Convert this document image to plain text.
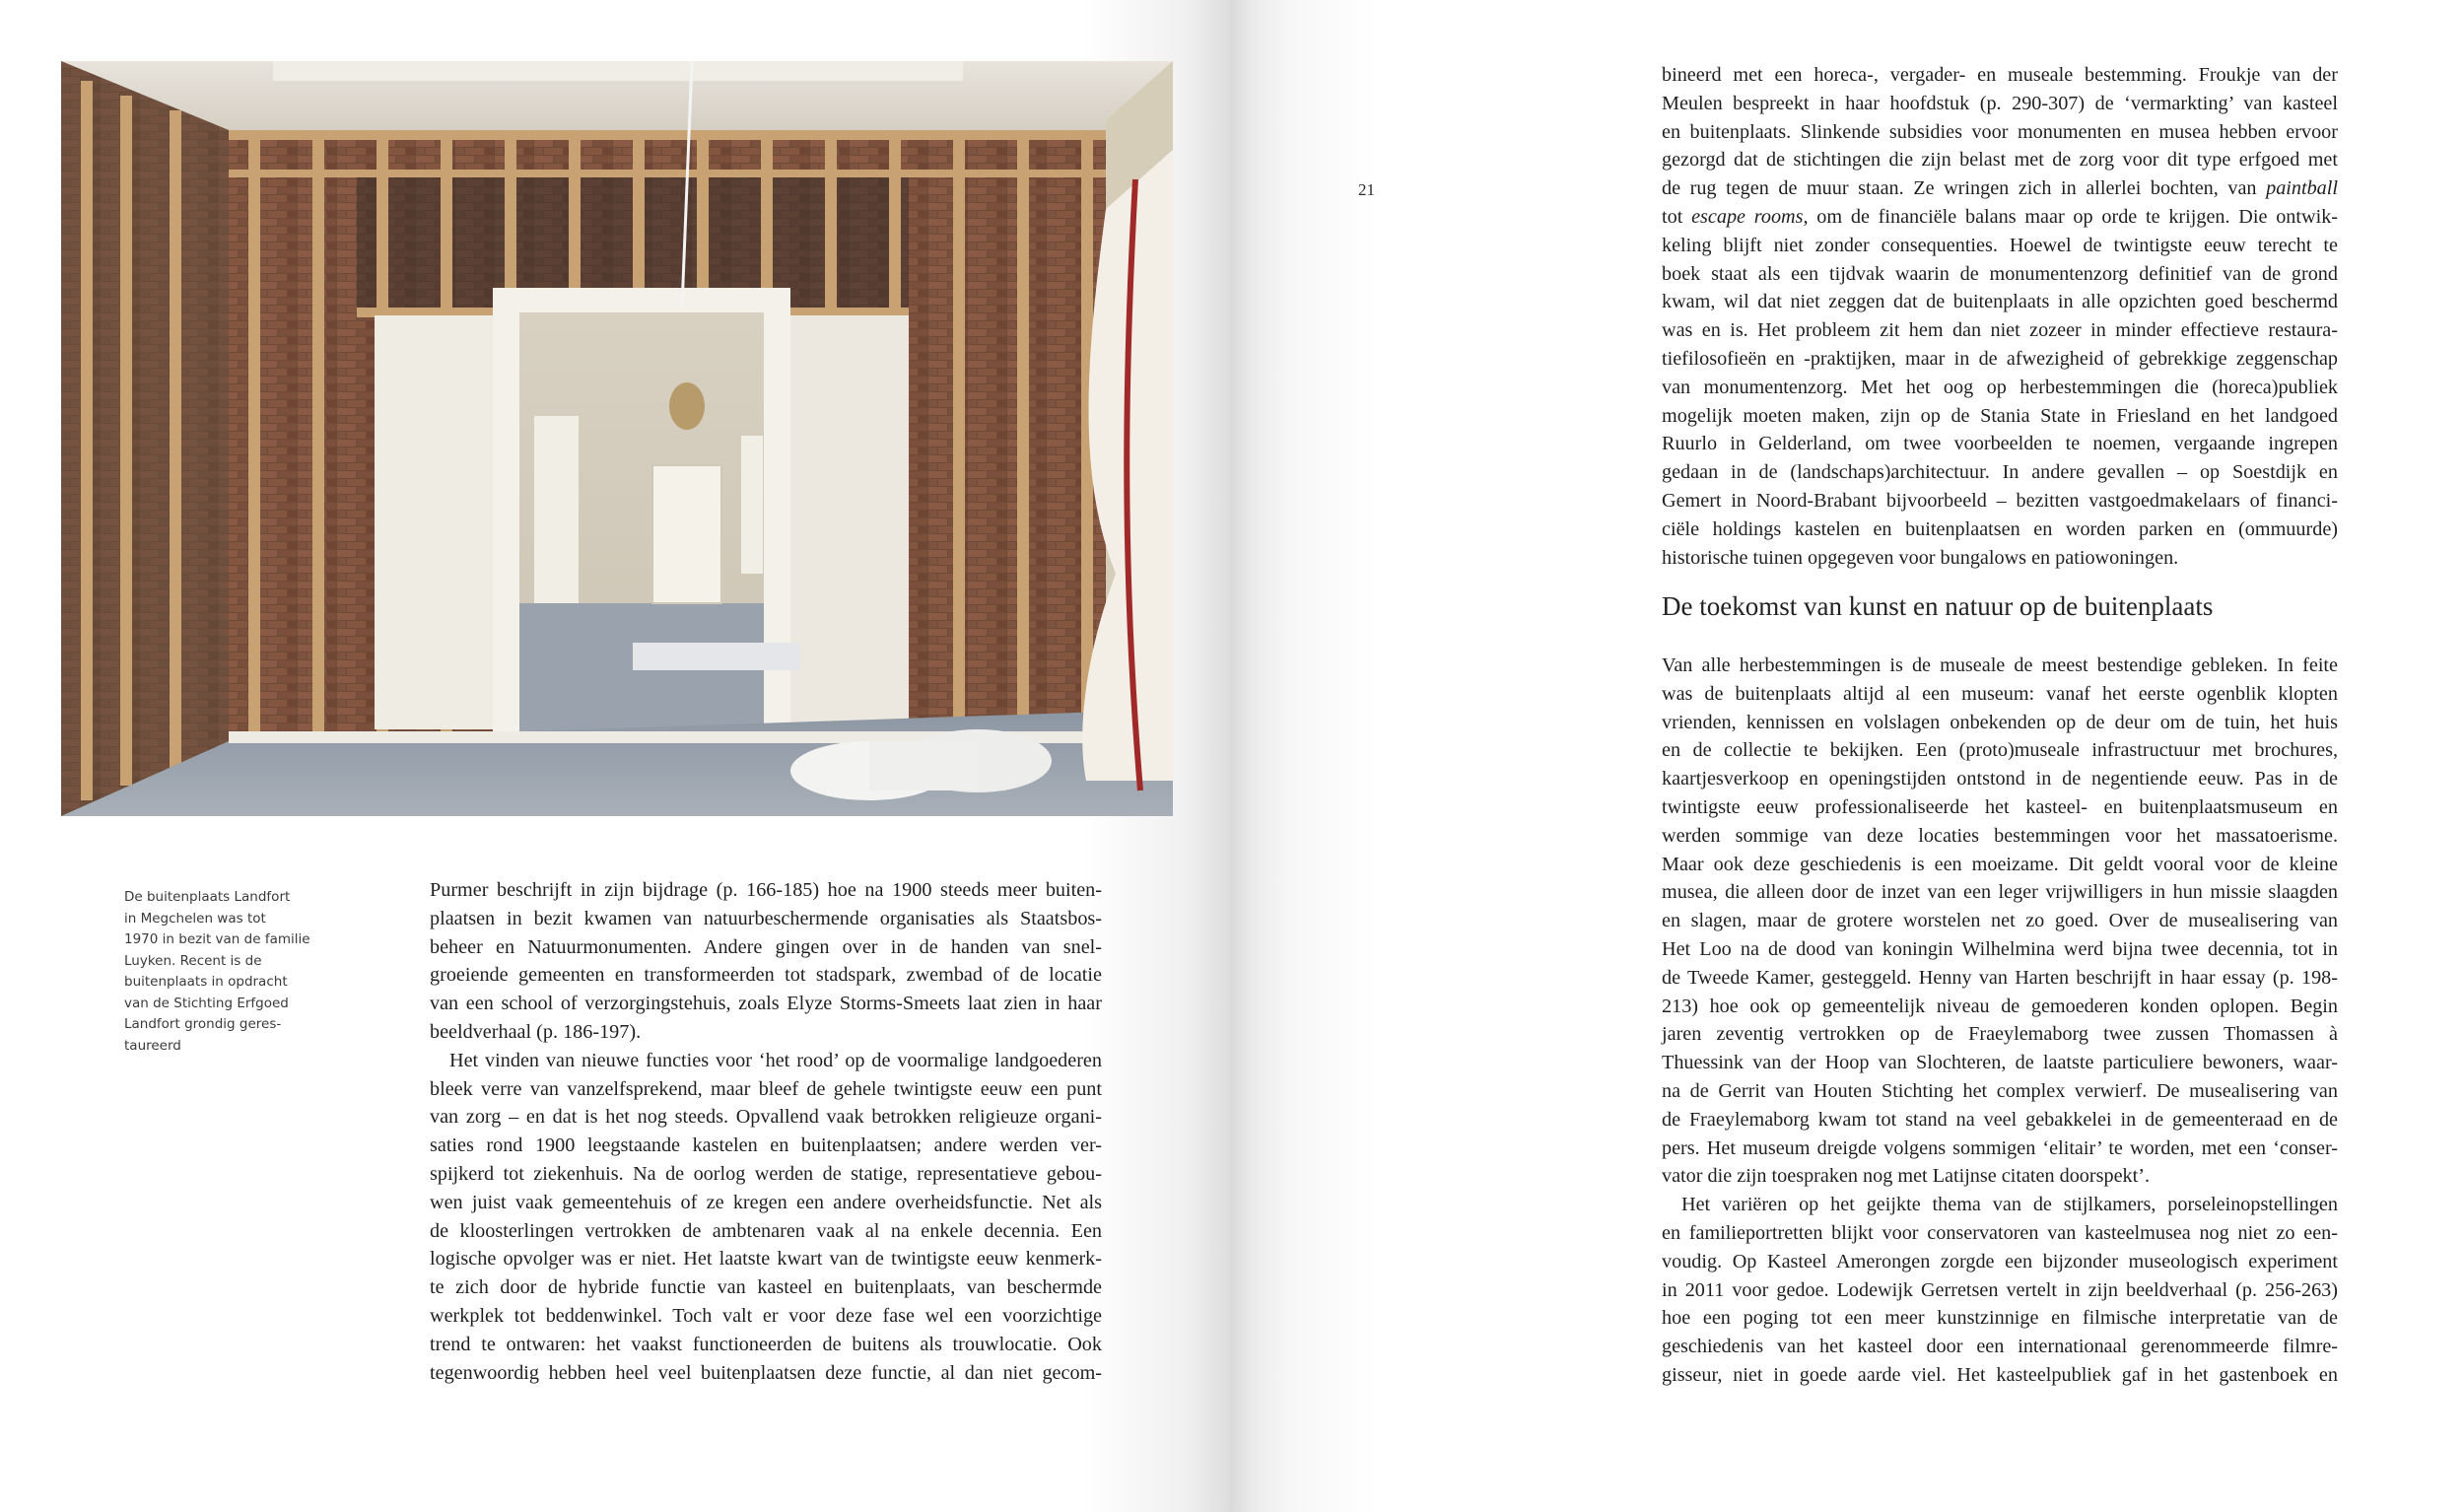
De buitenplaats Landfort
in Megchelen was tot
1970 in bezit van de familie
Luyken. Recent is de
buitenplaats in opdracht
van de Stichting Erfgoed
Landfort grondig geres-
taureerd
Purmer beschrijft in zijn bijdrage (p. 166-185) hoe na 1900 steeds meer buiten-
plaatsen in bezit kwamen van natuurbeschermende organisaties als Staatsbos-
beheer en Natuurmonumenten. Andere gingen over in de handen van snel-
groeiende gemeenten en transformeerden tot stadspark, zwembad of de locatie
van een school of verzorgingstehuis, zoals Elyze Storms-Smeets laat zien in haar
beeldverhaal (p. 186-197).
Het vinden van nieuwe functies voor ‘het rood’ op de voormalige landgoederen
bleek verre van vanzelfsprekend, maar bleef de gehele twintigste eeuw een punt
van zorg – en dat is het nog steeds. Opvallend vaak betrokken religieuze organi-
saties rond 1900 leegstaande kastelen en buitenplaatsen; andere werden ver-
spijkerd tot ziekenhuis. Na de oorlog werden de statige, representatieve gebou-
wen juist vaak gemeentehuis of ze kregen een andere overheidsfunctie. Net als
de kloosterlingen vertrokken de ambtenaren vaak al na enkele decennia. Een
logische opvolger was er niet. Het laatste kwart van de twintigste eeuw kenmerk-
te zich door de hybride functie van kasteel en buitenplaats, van beschermde
werkplek tot beddenwinkel. Toch valt er voor deze fase wel een voorzichtige
trend te ontwaren: het vaakst functioneerden de buitens als trouwlocatie. Ook
tegenwoordig hebben heel veel buitenplaatsen deze functie, al dan niet gecom-
21
bineerd met een horeca-, vergader- en museale bestemming. Froukje van der
Meulen bespreekt in haar hoofdstuk (p. 290-307) de ‘vermarkting’ van kasteel
en buitenplaats. Slinkende subsidies voor monumenten en musea hebben ervoor
gezorgd dat de stichtingen die zijn belast met de zorg voor dit type erfgoed met
de rug tegen de muur staan. Ze wringen zich in allerlei bochten, van paintball
tot escape rooms, om de financiële balans maar op orde te krijgen. Die ontwik-
keling blijft niet zonder consequenties. Hoewel de twintigste eeuw terecht te
boek staat als een tijdvak waarin de monumentenzorg definitief van de grond
kwam, wil dat niet zeggen dat de buitenplaats in alle opzichten goed beschermd
was en is. Het probleem zit hem dan niet zozeer in minder effectieve restaura-
tiefilosofieën en -praktijken, maar in de afwezigheid of gebrekkige zeggenschap
van monumentenzorg. Met het oog op herbestemmingen die (horeca)publiek
mogelijk moeten maken, zijn op de Stania State in Friesland en het landgoed
Ruurlo in Gelderland, om twee voorbeelden te noemen, vergaande ingrepen
gedaan in de (landschaps)architectuur. In andere gevallen – op Soestdijk en
Gemert in Noord-Brabant bijvoorbeeld – bezitten vastgoedmakelaars of financi-
ciële holdings kastelen en buitenplaatsen en worden parken en (ommuurde)
historische tuinen opgegeven voor bungalows en patiowoningen.
De toekomst van kunst en natuur op de buitenplaats
Van alle herbestemmingen is de museale de meest bestendige gebleken. In feite
was de buitenplaats altijd al een museum: vanaf het eerste ogenblik klopten
vrienden, kennissen en volslagen onbekenden op de deur om de tuin, het huis
en de collectie te bekijken. Een (proto)museale infrastructuur met brochures,
kaartjesverkoop en openingstijden ontstond in de negentiende eeuw. Pas in de
twintigste eeuw professionaliseerde het kasteel- en buitenplaatsmuseum en
werden sommige van deze locaties bestemmingen voor het massatoerisme.
Maar ook deze geschiedenis is een moeizame. Dit geldt vooral voor de kleine
musea, die alleen door de inzet van een leger vrijwilligers in hun missie slaagden
en slagen, maar de grotere worstelen net zo goed. Over de musealisering van
Het Loo na de dood van koningin Wilhelmina werd bijna twee decennia, tot in
de Tweede Kamer, gesteggeld. Henny van Harten beschrijft in haar essay (p. 198-
213) hoe ook op gemeentelijk niveau de gemoederen konden oplopen. Begin
jaren zeventig vertrokken op de Fraeylemaborg twee zussen Thomassen à
Thuessink van der Hoop van Slochteren, de laatste particuliere bewoners, waar-
na de Gerrit van Houten Stichting het complex verwierf. De musealisering van
de Fraeylemaborg kwam tot stand na veel gebakkelei in de gemeenteraad en de
pers. Het museum dreigde volgens sommigen ‘elitair’ te worden, met een ‘conser-
vator die zijn toespraken nog met Latijnse citaten doorspekt’.
Het variëren op het geijkte thema van de stijlkamers, porseleinopstellingen
en familieportretten blijkt voor conservatoren van kasteelmusea nog niet zo een-
voudig. Op Kasteel Amerongen zorgde een bijzonder museologisch experiment
in 2011 voor gedoe. Lodewijk Gerretsen vertelt in zijn beeldverhaal (p. 256-263)
hoe een poging tot een meer kunstzinnige en filmische interpretatie van de
geschiedenis van het kasteel door een internationaal gerenommeerde filmre-
gisseur, niet in goede aarde viel. Het kasteelpubliek gaf in het gastenboek en
